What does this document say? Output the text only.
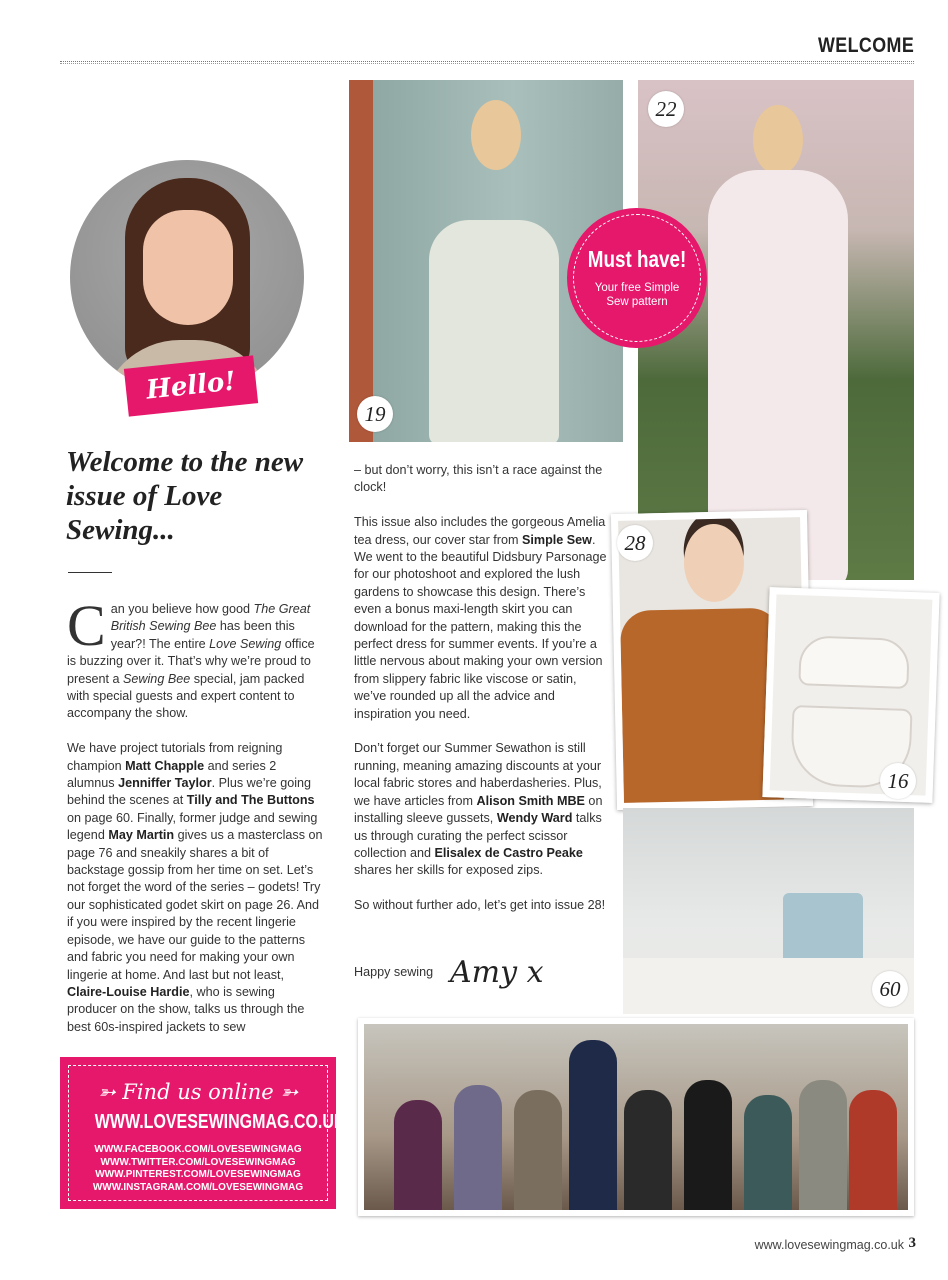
WELCOME
Hello!
Welcome to the new issue of Love Sewing...

Can you believe how good The Great British Sewing Bee has been this year?! The entire Love Sewing office is buzzing over it. That’s why we’re proud to present a Sewing Bee special, jam packed with special guests and expert content to accompany the show.

We have project tutorials from reigning champion Matt Chapple and series 2 alumnus Jenniffer Taylor. Plus we’re going behind the scenes at Tilly and The Buttons on page 60. Finally, former judge and sewing legend May Martin gives us a masterclass on page 76 and sneakily shares a bit of backstage gossip from her time on set. Let’s not forget the word of the series – godets! Try our sophisticated godet skirt on page 26. And if you were inspired by the recent lingerie episode, we have our guide to the patterns and fabric you need for making your own lingerie at home. And last but not least, Claire-Louise Hardie, who is sewing producer on the show, talks us through the best 60s-inspired jackets to sew

– but don’t worry, this isn’t a race against the clock!

This issue also includes the gorgeous Amelia tea dress, our cover star from Simple Sew. We went to the beautiful Didsbury Parsonage for our photoshoot and explored the lush gardens to showcase this design. There’s even a bonus maxi-length skirt you can download for the pattern, making this the perfect dress for summer events. If you’re a little nervous about making your own version from slippery fabric like viscose or satin, we’ve rounded up all the advice and inspiration you need.

Don’t forget our Summer Sewathon is still running, meaning amazing discounts at your local fabric stores and haberdasheries. Plus, we have articles from Alison Smith MBE on installing sleeve gussets, Wendy Ward talks us through curating the perfect scissor collection and Elisalex de Castro Peake shares her skills for exposed zips.

So without further ado, let’s get into issue 28!

Happy sewing Amy x
➳ Find us online ➳
WWW.LOVESEWINGMAG.CO.UK
WWW.FACEBOOK.COM/LOVESEWINGMAG
WWW.TWITTER.COM/LOVESEWINGMAG
WWW.PINTEREST.COM/LOVESEWINGMAG
WWW.INSTAGRAM.COM/LOVESEWINGMAG
Must have!
Your free Simple Sew pattern
19
22
28
16
60
www.lovesewingmag.co.uk 3
